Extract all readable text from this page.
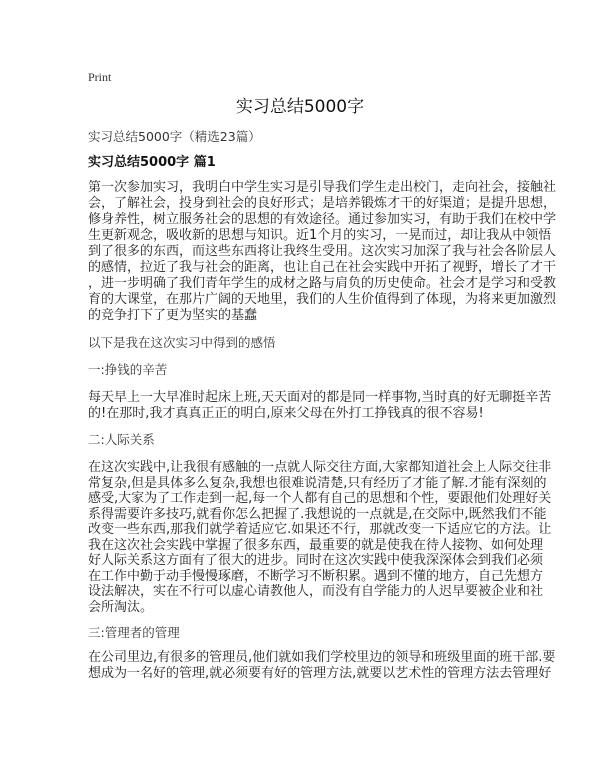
Print
实习总结5000字
实习总结5000字（精选23篇）
实习总结5000字 篇1
第一次参加实习，我明白中学生实习是引导我们学生走出校门，走向社会，接触社
会，了解社会，投身到社会的良好形式；是培养锻炼才干的好渠道；是提升思想，
修身养性，树立服务社会的思想的有效途径。通过参加实习，有助于我们在校中学
生更新观念，吸收新的思想与知识。近1个月的实习，一晃而过，却让我从中领悟
到了很多的东西，而这些东西将让我终生受用。这次实习加深了我与社会各阶层人
的感情，拉近了我与社会的距离，也让自己在社会实践中开拓了视野，增长了才干
，进一步明确了我们青年学生的成材之路与肩负的历史使命。社会才是学习和受教
育的大课堂，在那片广阔的天地里，我们的人生价值得到了体现，为将来更加激烈
的竞争打下了更为坚实的基蠢
以下是我在这次实习中得到的感悟
一:挣钱的辛苦
每天早上一大早准时起床上班,天天面对的都是同一样事物,当时真的好无聊挺辛苦
的!在那时,我才真真正正的明白,原来父母在外打工挣钱真的很不容易!
二:人际关系
在这次实践中,让我很有感触的一点就人际交往方面,大家都知道社会上人际交往非
常复杂,但是具体多么复杂,我想也很难说清楚,只有经历了才能了解.才能有深刻的
感受,大家为了工作走到一起,每一个人都有自己的思想和个性，要跟他们处理好关
系得需要许多技巧,就看你怎么把握了.我想说的一点就是,在交际中,既然我们不能
改变一些东西,那我们就学着适应它.如果还不行，那就改变一下适应它的方法。让
我在这次社会实践中掌握了很多东西，最重要的就是使我在待人接物、如何处理
好人际关系这方面有了很大的进步。同时在这次实践中使我深深体会到我们必须
在工作中勤于动手慢慢琢磨，不断学习不断积累。遇到不懂的地方，自己先想方
设法解决，实在不行可以虚心请教他人，而没有自学能力的人迟早要被企业和社
会所淘汰。
三:管理者的管理
在公司里边,有很多的管理员,他们就如我们学校里边的领导和班级里面的班干部.要
想成为一名好的管理,就必须要有好的管理方法,就要以艺术性的管理方法去管理好
